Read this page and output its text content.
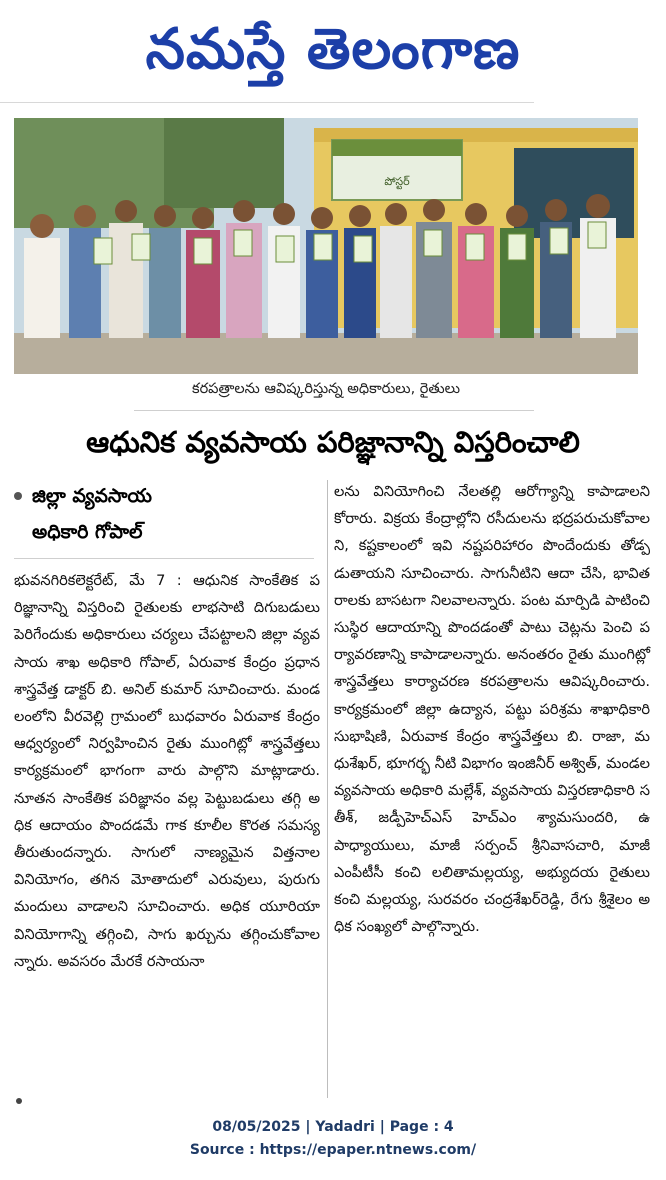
నమస్తే తెలంగాణ
పోస్టర్
కరపత్రాలను ఆవిష్కరిస్తున్న అధికారులు, రైతులు
ఆధునిక వ్యవసాయ పరిజ్ఞానాన్ని విస్తరించాలి
జిల్లా వ్యవసాయ
అధికారి గోపాల్

భువనగిరికలెక్టరేట్, మే 7 : ఆధునిక సాంకేతిక పరిజ్ఞానాన్ని విస్తరించి రైతులకు లాభసాటి దిగుబడులు పెరిగేందుకు అధికారులు చర్యలు చేపట్టాలని జిల్లా వ్యవసాయ శాఖ అధికారి గోపాల్, ఏరువాక కేంద్రం ప్రధాన శాస్త్రవేత్త డాక్టర్ బి. అనిల్ కుమార్ సూచించారు. మండలంలోని వీరవెల్లి గ్రామంలో బుధవారం ఏరువాక కేంద్రం ఆధ్వర్యంలో నిర్వహించిన రైతు ముంగిట్లో శాస్త్రవేత్తలు కార్యక్రమంలో భాగంగా వారు పాల్గొని మాట్లాడారు. నూతన సాంకేతిక పరిజ్ఞానం వల్ల పెట్టుబడులు తగ్గి అధిక ఆదాయం పొందడమే గాక కూలీల కొరత సమస్య తీరుతుందన్నారు. సాగులో నాణ్యమైన విత్తనాల వినియోగం, తగిన మోతాదులో ఎరువులు, పురుగు మందులు వాడాలని సూచించారు. అధిక యూరియా వినియోగాన్ని తగ్గించి, సాగు ఖర్చును తగ్గించుకోవాలన్నారు. అవసరం మేరకే రసాయనా

లను వినియోగించి నేలతల్లి ఆరోగ్యాన్ని కాపాడాలని కోరారు. విక్రయ కేంద్రాల్లోని రసీదులను భద్రపరుచుకోవాలని, కష్టకాలంలో ఇవి నష్టపరిహారం పొందేందుకు తోడ్పడుతాయని సూచించారు. సాగునీటిని ఆదా చేసి, భావితరాలకు బాసటగా నిలవాలన్నారు. పంట మార్పిడి పాటించి సుస్థిర ఆదాయాన్ని పొందడంతో పాటు చెట్లను పెంచి పర్యావరణాన్ని కాపాడాలన్నారు. అనంతరం రైతు ముంగిట్లో శాస్త్రవేత్తలు కార్యాచరణ కరపత్రాలను ఆవిష్కరించారు. కార్యక్రమంలో జిల్లా ఉద్యాన, పట్టు పరిశ్రమ శాఖాధికారి సుభాషిణి, ఏరువాక కేంద్రం శాస్త్రవేత్తలు బి. రాజా, మధుశేఖర్, భూగర్భ నీటి విభాగం ఇంజినీర్ అశ్విత్, మండల వ్యవసాయ అధికారి మల్లేశ్, వ్యవసాయ విస్తరణాధికారి సతీశ్, జడ్పీహెచ్ఎస్ హెచ్ఎం శ్యామసుందరి, ఉపాధ్యాయులు, మాజీ సర్పంచ్ శ్రీనివాసచారి, మాజీ ఎంపీటీసీ కంచి లలితామల్లయ్య, అభ్యుదయ రైతులు కంచి మల్లయ్య, సురవరం చంద్రశేఖర్‌రెడ్డి, రేగు శ్రీశైలం అధిక సంఖ్యలో పాల్గొన్నారు.

08/05/2025 | Yadadri | Page : 4
Source : https://epaper.ntnews.com/
